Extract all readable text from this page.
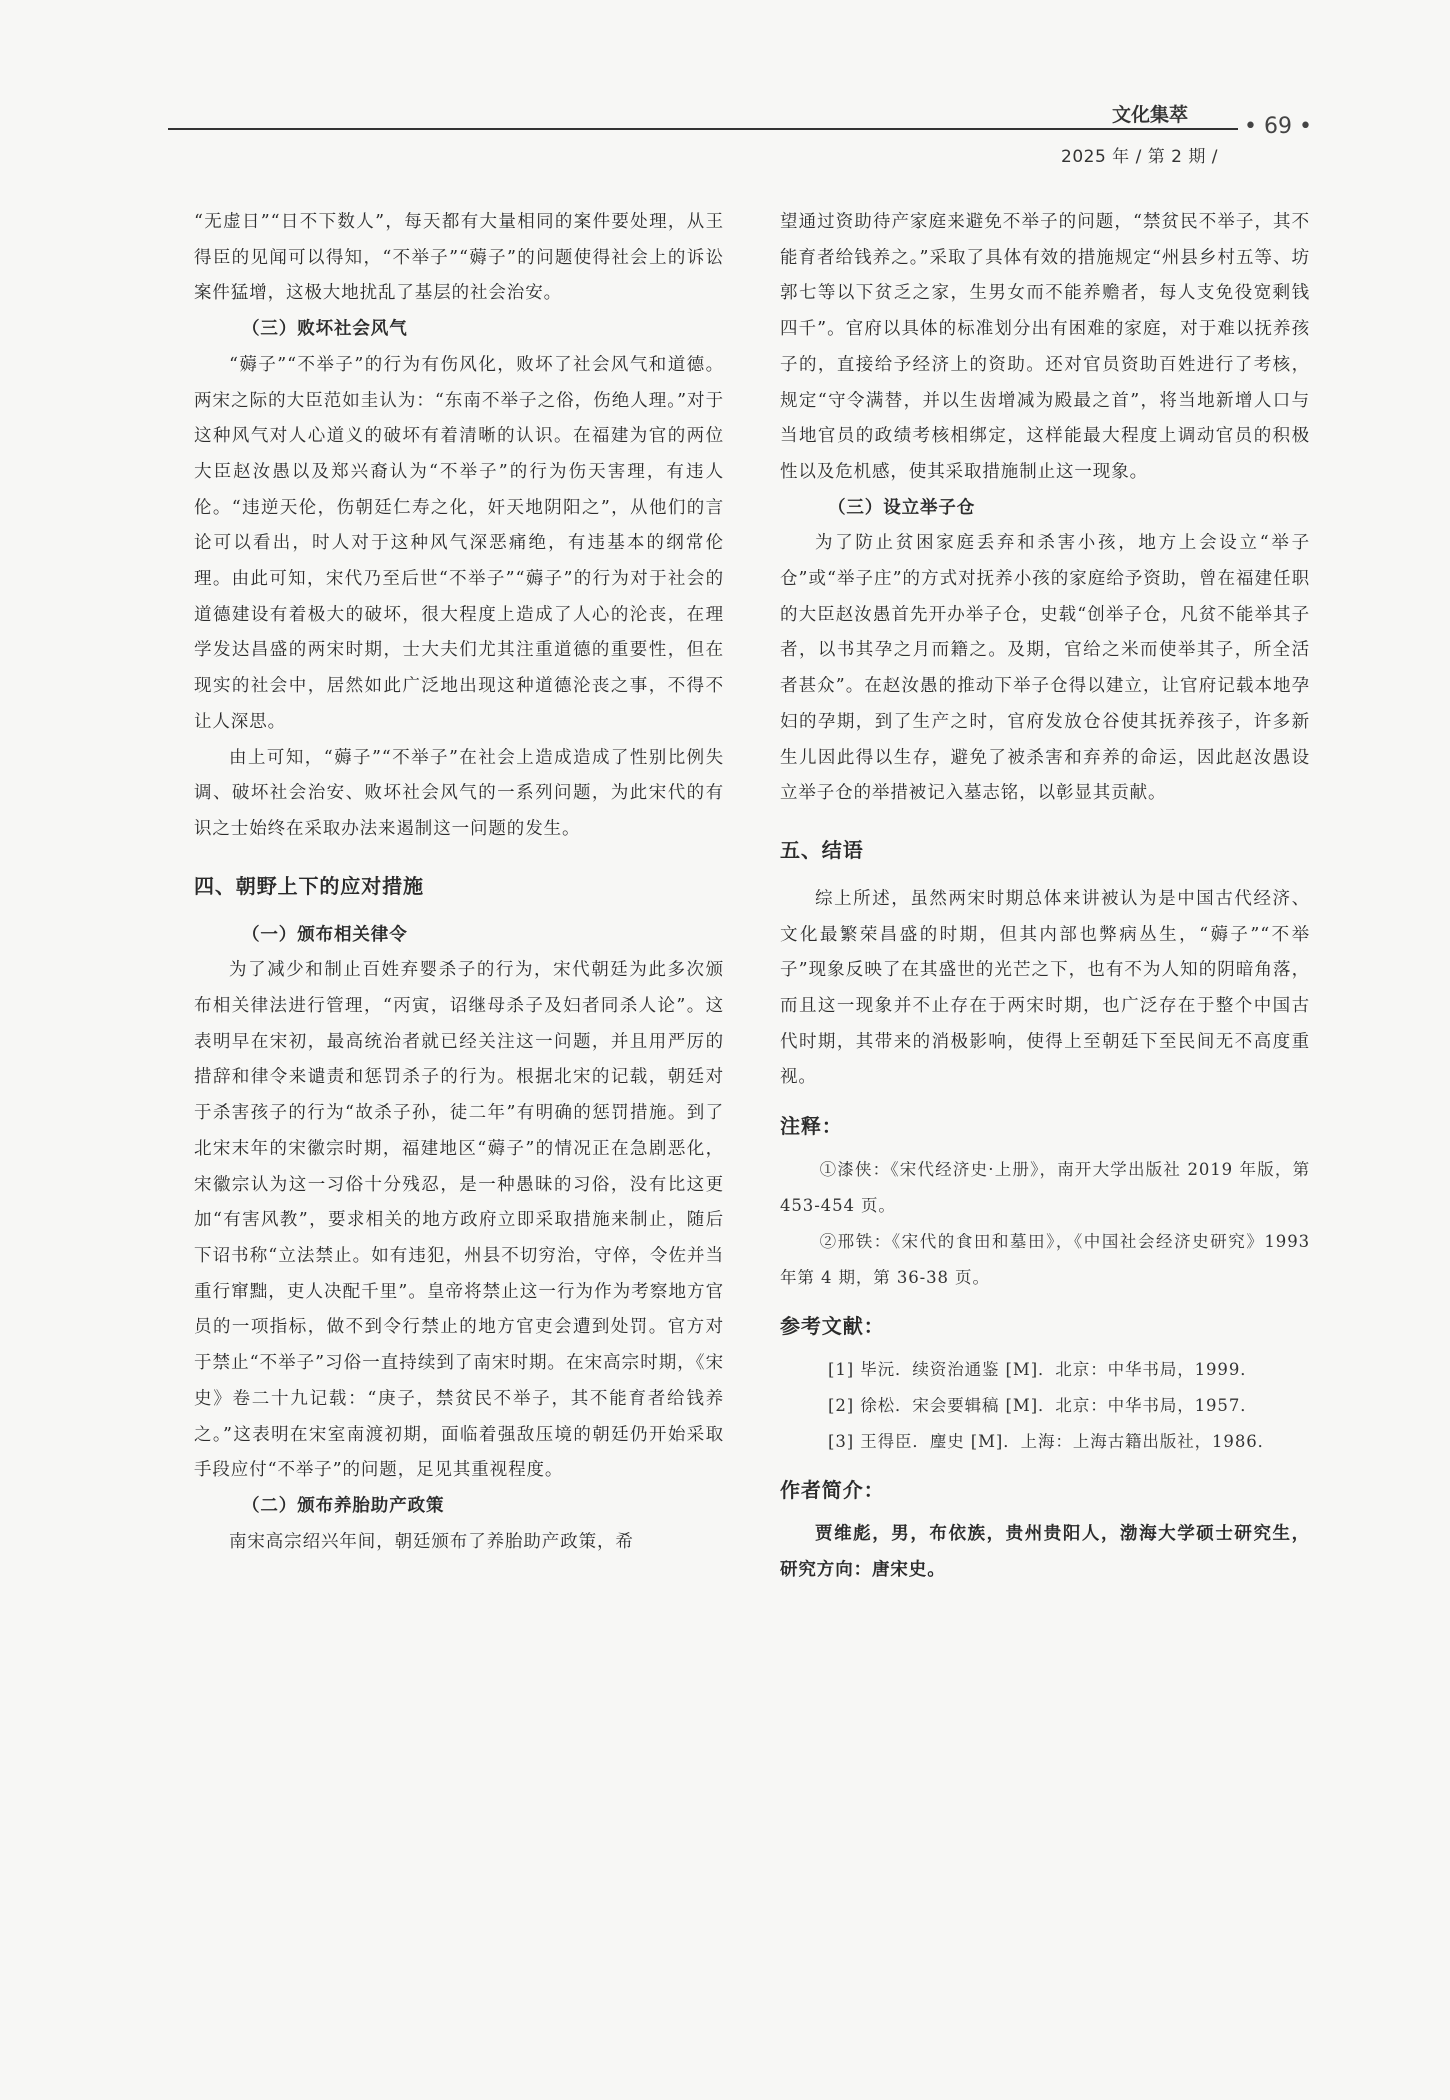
文化集萃	• 69 •
2025 年 / 第 2 期 /

“无虚日”“日不下数人”，每天都有大量相同的案件要处理，从王得臣的见闻可以得知，“不举子”“薅子”的问题使得社会上的诉讼案件猛增，这极大地扰乱了基层的社会治安。

（三）败坏社会风气

“薅子”“不举子”的行为有伤风化，败坏了社会风气和道德。两宋之际的大臣范如圭认为：“东南不举子之俗，伤绝人理。”对于这种风气对人心道义的破坏有着清晰的认识。在福建为官的两位大臣赵汝愚以及郑兴裔认为“不举子”的行为伤天害理，有违人伦。“违逆天伦，伤朝廷仁寿之化，奸天地阴阳之”，从他们的言论可以看出，时人对于这种风气深恶痛绝，有违基本的纲常伦理。由此可知，宋代乃至后世“不举子”“薅子”的行为对于社会的道德建设有着极大的破坏，很大程度上造成了人心的沦丧，在理学发达昌盛的两宋时期，士大夫们尤其注重道德的重要性，但在现实的社会中，居然如此广泛地出现这种道德沦丧之事，不得不让人深思。

由上可知，“薅子”“不举子”在社会上造成造成了性别比例失调、破坏社会治安、败坏社会风气的一系列问题，为此宋代的有识之士始终在采取办法来遏制这一问题的发生。

四、朝野上下的应对措施

（一）颁布相关律令

为了减少和制止百姓弃婴杀子的行为，宋代朝廷为此多次颁布相关律法进行管理，“丙寅，诏继母杀子及妇者同杀人论”。这表明早在宋初，最高统治者就已经关注这一问题，并且用严厉的措辞和律令来谴责和惩罚杀子的行为。根据北宋的记载，朝廷对于杀害孩子的行为“故杀子孙，徒二年”有明确的惩罚措施。到了北宋末年的宋徽宗时期，福建地区“薅子”的情况正在急剧恶化，宋徽宗认为这一习俗十分残忍，是一种愚昧的习俗，没有比这更加“有害风教”，要求相关的地方政府立即采取措施来制止，随后下诏书称“立法禁止。如有违犯，州县不切穷治，守倅，令佐并当重行窜黜，吏人决配千里”。皇帝将禁止这一行为作为考察地方官员的一项指标，做不到令行禁止的地方官吏会遭到处罚。官方对于禁止“不举子”习俗一直持续到了南宋时期。在宋高宗时期，《宋史》卷二十九记载：“庚子，禁贫民不举子，其不能育者给钱养之。”这表明在宋室南渡初期，面临着强敌压境的朝廷仍开始采取手段应付“不举子”的问题，足见其重视程度。

（二）颁布养胎助产政策

南宋高宗绍兴年间，朝廷颁布了养胎助产政策，希

望通过资助待产家庭来避免不举子的问题，“禁贫民不举子，其不能育者给钱养之。”采取了具体有效的措施规定“州县乡村五等、坊郭七等以下贫乏之家，生男女而不能养赡者，每人支免役宽剩钱四千”。官府以具体的标准划分出有困难的家庭，对于难以抚养孩子的，直接给予经济上的资助。还对官员资助百姓进行了考核，规定“守令满替，并以生齿增减为殿最之首”，将当地新增人口与当地官员的政绩考核相绑定，这样能最大程度上调动官员的积极性以及危机感，使其采取措施制止这一现象。

（三）设立举子仓

为了防止贫困家庭丢弃和杀害小孩，地方上会设立“举子仓”或“举子庄”的方式对抚养小孩的家庭给予资助，曾在福建任职的大臣赵汝愚首先开办举子仓，史载“创举子仓，凡贫不能举其子者，以书其孕之月而籍之。及期，官给之米而使举其子，所全活者甚众”。在赵汝愚的推动下举子仓得以建立，让官府记载本地孕妇的孕期，到了生产之时，官府发放仓谷使其抚养孩子，许多新生儿因此得以生存，避免了被杀害和弃养的命运，因此赵汝愚设立举子仓的举措被记入墓志铭，以彰显其贡献。

五、结语

综上所述，虽然两宋时期总体来讲被认为是中国古代经济、文化最繁荣昌盛的时期，但其内部也弊病丛生，“薅子”“不举子”现象反映了在其盛世的光芒之下，也有不为人知的阴暗角落，而且这一现象并不止存在于两宋时期，也广泛存在于整个中国古代时期，其带来的消极影响，使得上至朝廷下至民间无不高度重视。

注释：

①漆侠：《宋代经济史·上册》，南开大学出版社 2019 年版，第 453-454 页。

②邢铁：《宋代的食田和墓田》，《中国社会经济史研究》1993 年第 4 期，第 36-38 页。

参考文献：

[1] 毕沅．续资治通鉴 [M]．北京：中华书局，1999．

[2] 徐松．宋会要辑稿 [M]．北京：中华书局，1957．

[3] 王得臣．麈史 [M]．上海：上海古籍出版社，1986．

作者简介：

贾维彪，男，布依族，贵州贵阳人，渤海大学硕士研究生，研究方向：唐宋史。
